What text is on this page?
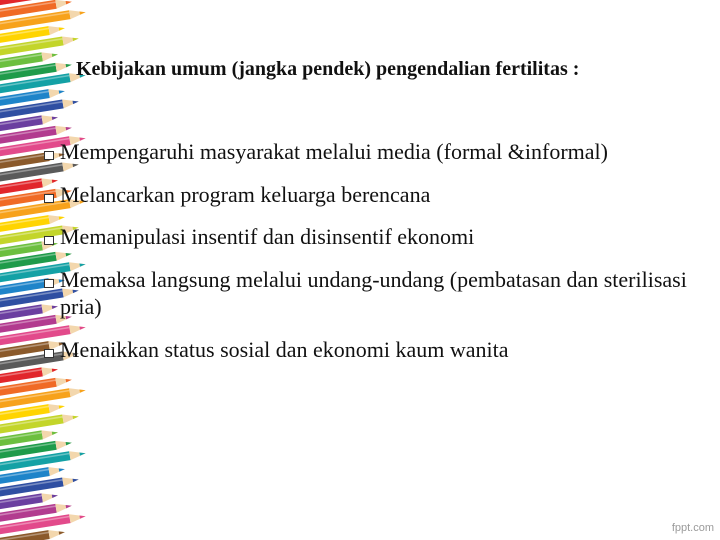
Kebijakan umum (jangka pendek) pengendalian fertilitas :
Mempengaruhi masyarakat melalui media (formal &informal)
Melancarkan program keluarga berencana
Memanipulasi insentif dan disinsentif ekonomi
Memaksa langsung melalui undang-undang (pembatasan dan sterilisasi pria)
Menaikkan status sosial dan ekonomi kaum wanita
fppt.com
